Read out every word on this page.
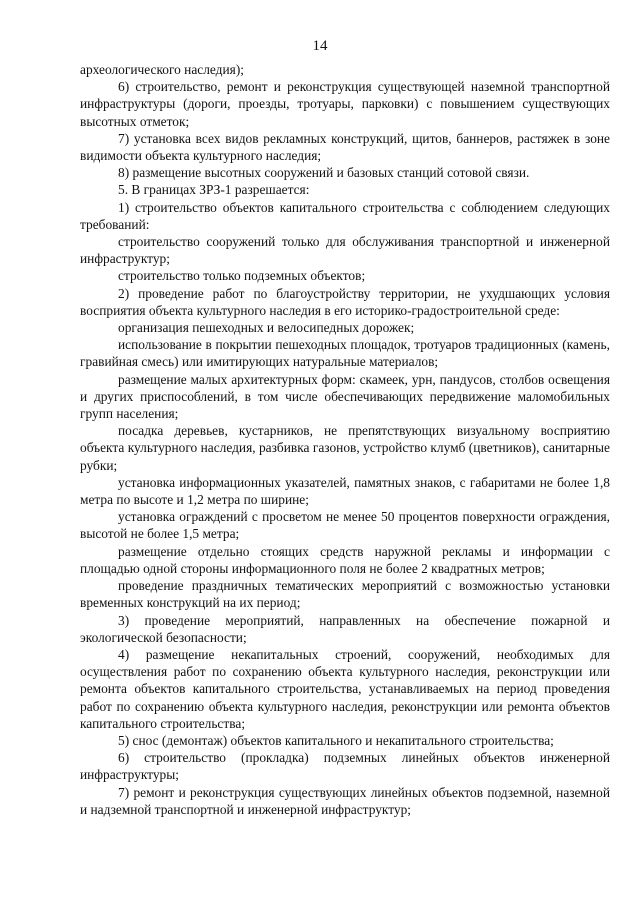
14

археологического наследия);

6) строительство, ремонт и реконструкция существующей наземной транспортной инфраструктуры (дороги, проезды, тротуары, парковки) с повышением существующих высотных отметок;

7) установка всех видов рекламных конструкций, щитов, баннеров, растяжек в зоне видимости объекта культурного наследия;

8) размещение высотных сооружений и базовых станций сотовой связи.

5. В границах ЗРЗ-1 разрешается:

1) строительство объектов капитального строительства с соблюдением следующих требований:

строительство сооружений только для обслуживания транспортной и инженерной инфраструктур;

строительство только подземных объектов;

2) проведение работ по благоустройству территории, не ухудшающих условия восприятия объекта культурного наследия в его историко-градостроительной среде:

организация пешеходных и велосипедных дорожек;

использование в покрытии пешеходных площадок, тротуаров традиционных (камень, гравийная смесь) или имитирующих натуральные материалов;

размещение малых архитектурных форм: скамеек, урн, пандусов, столбов освещения и других приспособлений, в том числе обеспечивающих передвижение маломобильных групп населения;

посадка деревьев, кустарников, не препятствующих визуальному восприятию объекта культурного наследия, разбивка газонов, устройство клумб (цветников), санитарные рубки;

установка информационных указателей, памятных знаков, с габаритами не более 1,8 метра по высоте и 1,2 метра по ширине;

установка ограждений с просветом не менее 50 процентов поверхности ограждения, высотой не более 1,5 метра;

размещение отдельно стоящих средств наружной рекламы и информации с площадью одной стороны информационного поля не более 2 квадратных метров;

проведение праздничных тематических мероприятий с возможностью установки временных конструкций на их период;

3) проведение мероприятий, направленных на обеспечение пожарной и экологической безопасности;

4) размещение некапитальных строений, сооружений, необходимых для осуществления работ по сохранению объекта культурного наследия, реконструкции или ремонта объектов капитального строительства, устанавливаемых на период проведения работ по сохранению объекта культурного наследия, реконструкции или ремонта объектов капитального строительства;

5) снос (демонтаж) объектов капитального и некапитального строительства;

6) строительство (прокладка) подземных линейных объектов инженерной инфраструктуры;

7) ремонт и реконструкция существующих линейных объектов подземной, наземной и надземной транспортной и инженерной инфраструктур;
